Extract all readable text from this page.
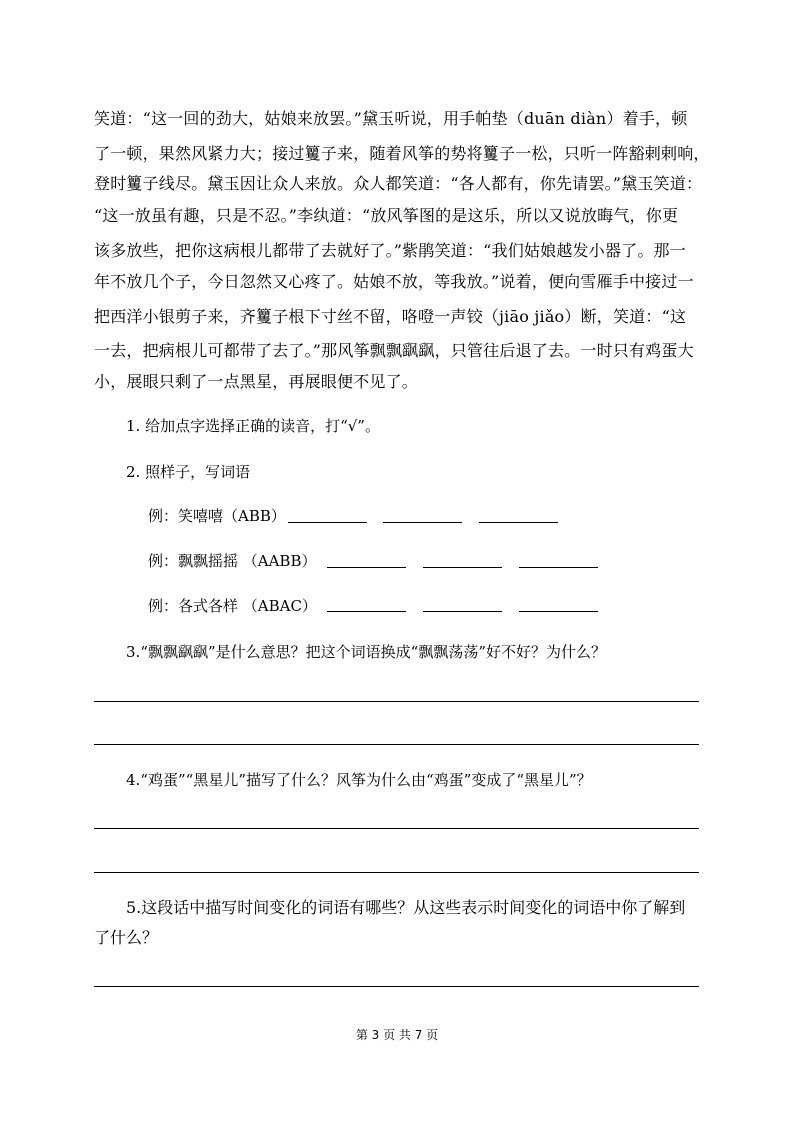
笑道：“这一回的劲大，姑娘来放罢。”黛玉听说，用手帕垫（duān diàn）着手，顿
了一顿，果然风紧力大；接过籰子来，随着风筝的势将籰子一松，只听一阵豁剌剌响，
登时籰子线尽。黛玉因让众人来放。众人都笑道：“各人都有，你先请罢。”黛玉笑道：
“这一放虽有趣，只是不忍。”李纨道：“放风筝图的是这乐，所以又说放晦气，你更
该多放些，把你这病根儿都带了去就好了。”紫鹃笑道：“我们姑娘越发小器了。那一
年不放几个子，今日忽然又心疼了。姑娘不放，等我放。”说着，便向雪雁手中接过一
把西洋小银剪子来，齐籰子根下寸丝不留，咯噔一声铰（jiāo jiǎo）断，笑道：“这
一去，把病根儿可都带了去了。”那风筝飘飘飖飖，只管往后退了去。一时只有鸡蛋大
小，展眼只剩了一点黑星，再展眼便不见了。
1. 给加点字选择正确的读音，打“√”。
2. 照样子，写词语
例：笑嘻嘻（ABB）
例：飘飘摇摇 （AABB）
例：各式各样 （ABAC）
3.“飘飘飖飖”是什么意思？把这个词语换成“飘飘荡荡”好不好？为什么？
4.“鸡蛋”“黑星儿”描写了什么？风筝为什么由“鸡蛋”变成了“黑星儿”？
5.这段话中描写时间变化的词语有哪些？从这些表示时间变化的词语中你了解到
了什么？
第 3 页 共 7 页
